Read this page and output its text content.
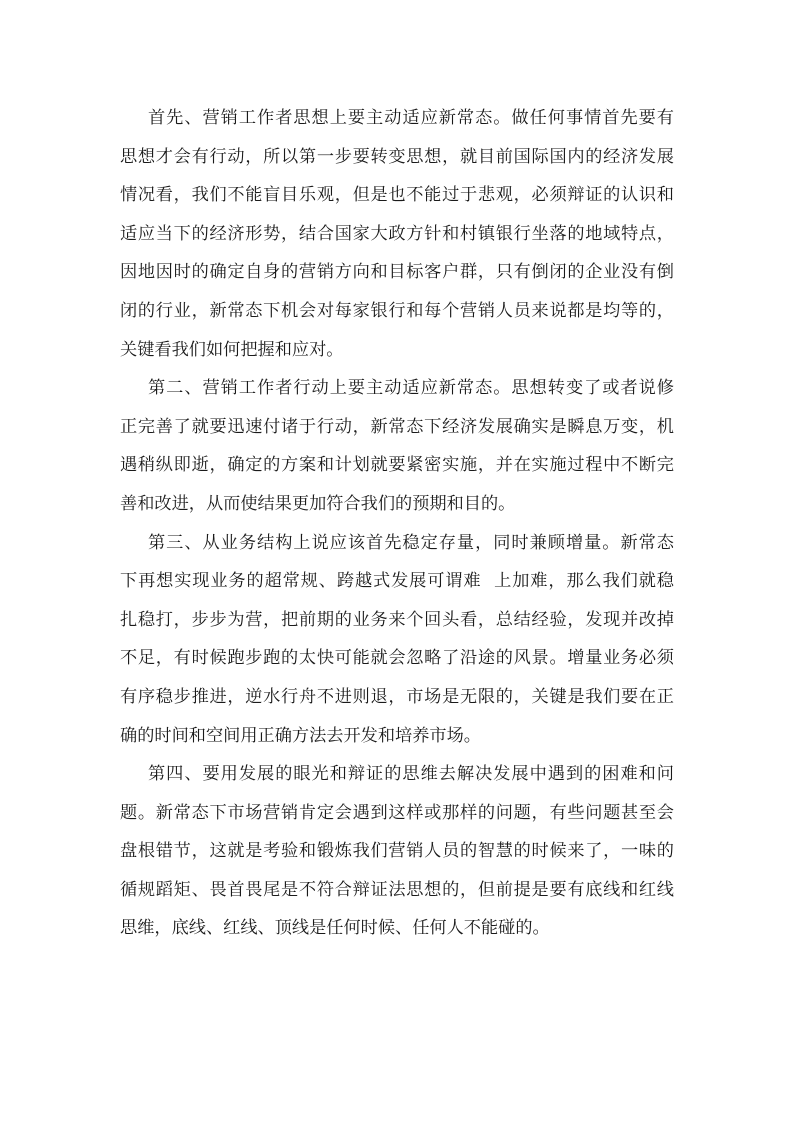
首先、营销工作者思想上要主动适应新常态。做任何事情首先要有
思想才会有行动，所以第一步要转变思想，就目前国际国内的经济发展
情况看，我们不能盲目乐观，但是也不能过于悲观，必须辩证的认识和
适应当下的经济形势，结合国家大政方针和村镇银行坐落的地域特点，
因地因时的确定自身的营销方向和目标客户群，只有倒闭的企业没有倒
闭的行业，新常态下机会对每家银行和每个营销人员来说都是均等的，
关键看我们如何把握和应对。
第二、营销工作者行动上要主动适应新常态。思想转变了或者说修
正完善了就要迅速付诸于行动，新常态下经济发展确实是瞬息万变，机
遇稍纵即逝，确定的方案和计划就要紧密实施，并在实施过程中不断完
善和改进，从而使结果更加符合我们的预期和目的。
第三、从业务结构上说应该首先稳定存量，同时兼顾增量。新常态
下再想实现业务的超常规、跨越式发展可谓难  上加难，那么我们就稳
扎稳打，步步为营，把前期的业务来个回头看，总结经验，发现并改掉
不足，有时候跑步跑的太快可能就会忽略了沿途的风景。增量业务必须
有序稳步推进，逆水行舟不进则退，市场是无限的，关键是我们要在正
确的时间和空间用正确方法去开发和培养市场。
第四、要用发展的眼光和辩证的思维去解决发展中遇到的困难和问
题。新常态下市场营销肯定会遇到这样或那样的问题，有些问题甚至会
盘根错节，这就是考验和锻炼我们营销人员的智慧的时候来了，一味的
循规蹈矩、畏首畏尾是不符合辩证法思想的，但前提是要有底线和红线
思维，底线、红线、顶线是任何时候、任何人不能碰的。
